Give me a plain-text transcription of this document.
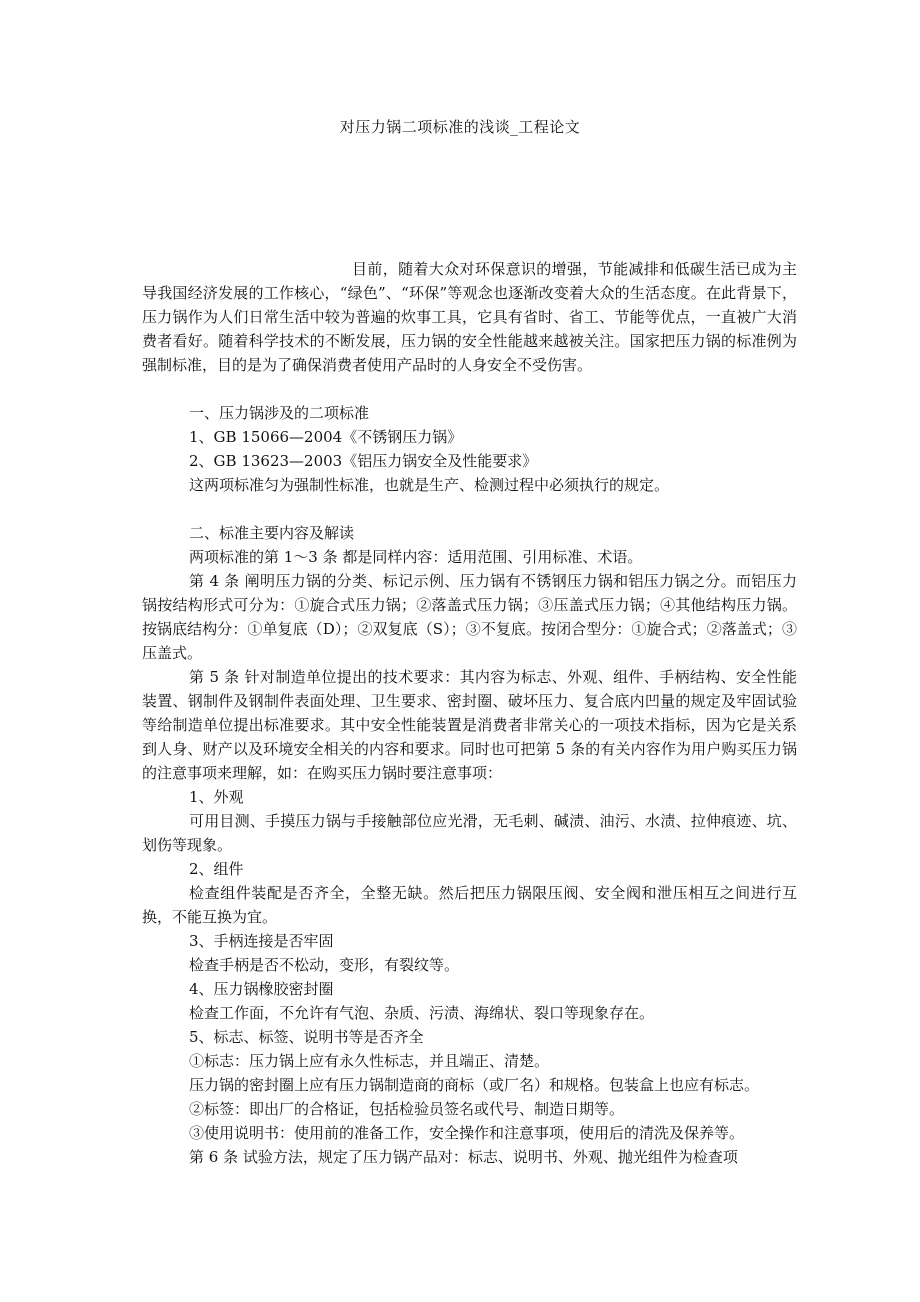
对压力锅二项标准的浅谈_工程论文

目前，随着大众对环保意识的增强，节能减排和低碳生活已成为主导我国经济发展的工作核心，“绿色”、“环保”等观念也逐渐改变着大众的生活态度。在此背景下，压力锅作为人们日常生活中较为普遍的炊事工具，它具有省时、省工、节能等优点，一直被广大消费者看好。随着科学技术的不断发展，压力锅的安全性能越来越被关注。国家把压力锅的标准例为强制标准，目的是为了确保消费者使用产品时的人身安全不受伤害。

一、压力锅涉及的二项标准

1、GB 15066—2004《不锈钢压力锅》

2、GB 13623—2003《铝压力锅安全及性能要求》

这两项标准匀为强制性标准，也就是生产、检测过程中必须执行的规定。

二、标准主要内容及解读

两项标准的第 1～3 条 都是同样内容：适用范围、引用标准、术语。

第 4 条 阐明压力锅的分类、标记示例、压力锅有不锈钢压力锅和铝压力锅之分。而铝压力锅按结构形式可分为：①旋合式压力锅；②落盖式压力锅；③压盖式压力锅；④其他结构压力锅。按锅底结构分：①单复底（D）；②双复底（S）；③不复底。按闭合型分：①旋合式；②落盖式；③压盖式。

第 5 条 针对制造单位提出的技术要求：其内容为标志、外观、组件、手柄结构、安全性能装置、钢制件及钢制件表面处理、卫生要求、密封圈、破坏压力、复合底内凹量的规定及牢固试验等给制造单位提出标准要求。其中安全性能装置是消费者非常关心的一项技术指标，因为它是关系到人身、财产以及环境安全相关的内容和要求。同时也可把第 5 条的有关内容作为用户购买压力锅的注意事项来理解，如：在购买压力锅时要注意事项：

1、外观

可用目测、手摸压力锅与手接触部位应光滑，无毛刺、碱渍、油污、水渍、拉伸痕迹、坑、划伤等现象。

2、组件

检查组件装配是否齐全，全整无缺。然后把压力锅限压阀、安全阀和泄压相互之间进行互换，不能互换为宜。

3、手柄连接是否牢固

检查手柄是否不松动，变形，有裂纹等。

4、压力锅橡胶密封圈

检查工作面，不允许有气泡、杂质、污渍、海绵状、裂口等现象存在。

5、标志、标签、说明书等是否齐全

①标志：压力锅上应有永久性标志，并且端正、清楚。

压力锅的密封圈上应有压力锅制造商的商标（或厂名）和规格。包装盒上也应有标志。

②标签：即出厂的合格证，包括检验员签名或代号、制造日期等。

③使用说明书：使用前的准备工作，安全操作和注意事项，使用后的清洗及保养等。

第 6 条 试验方法，规定了压力锅产品对：标志、说明书、外观、抛光组件为检查项
